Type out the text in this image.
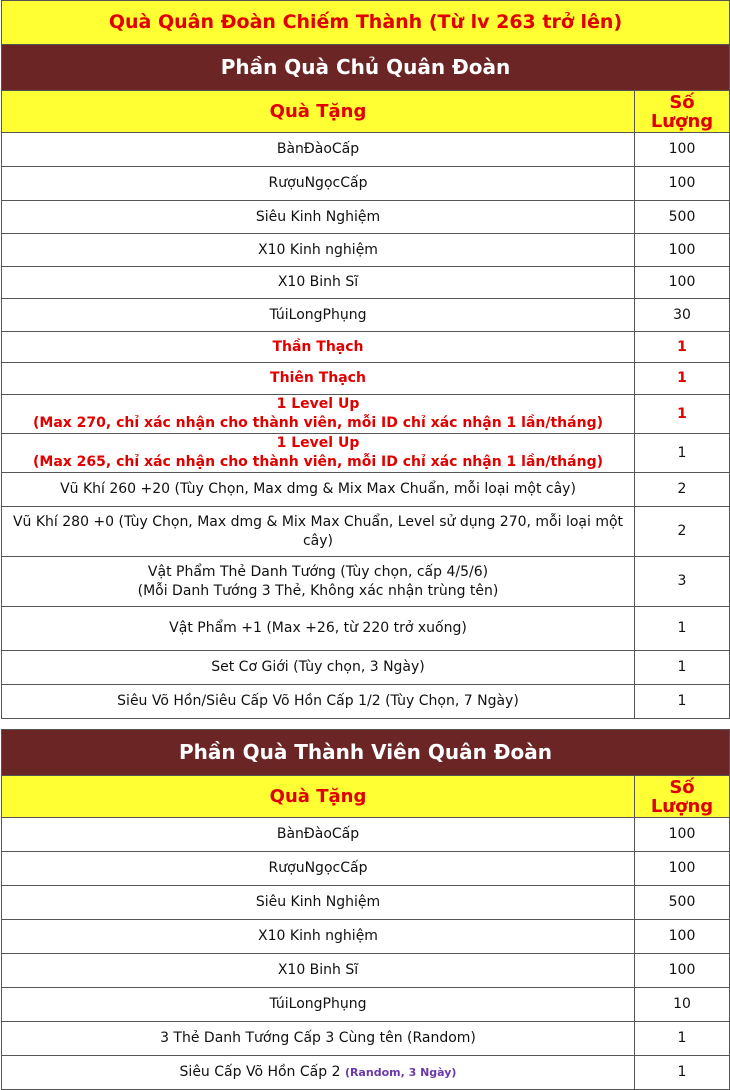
Quà Quân Đoàn Chiếm Thành (Từ lv 263 trở lên)	
Phần Quà Chủ Quân Đoàn	
Quà Tặng	Số Lượng
BànĐàoCấp	100
RượuNgọcCấp	100
Siêu Kinh Nghiệm	500
X10 Kinh nghiệm	100
X10 Binh Sĩ	100
TúiLongPhụng	30
Thần Thạch	1
Thiên Thạch	1

1 Level Up
(Max 270, chỉ xác nhận cho thành viên, mỗi ID chỉ xác nhận 1 lần/tháng)	1

1 Level Up
(Max 265, chỉ xác nhận cho thành viên, mỗi ID chỉ xác nhận 1 lần/tháng)	1
Vũ Khí 260 +20 (Tùy Chọn, Max dmg & Mix Max Chuẩn, mỗi loại một cây)	2
Vũ Khí 280 +0 (Tùy Chọn, Max dmg & Mix Max Chuẩn, Level sử dụng 270, mỗi loại một cây)	2

Vật Phẩm Thẻ Danh Tướng (Tùy chọn, cấp 4/5/6)
(Mỗi Danh Tướng 3 Thẻ, Không xác nhận trùng tên)	3
Vật Phẩm +1 (Max +26, từ 220 trở xuống)	1
Set Cơ Giới (Tùy chọn, 3 Ngày)	1
Siêu Võ Hồn/Siêu Cấp Võ Hồn Cấp 1/2 (Tùy Chọn, 7 Ngày)	1
Phần Quà Thành Viên Quân Đoàn	
Quà Tặng	Số Lượng
BànĐàoCấp	100
RượuNgọcCấp	100
Siêu Kinh Nghiệm	500
X10 Kinh nghiệm	100
X10 Binh Sĩ	100
TúiLongPhụng	10
3 Thẻ Danh Tướng Cấp 3 Cùng tên (Random)	1
Siêu Cấp Võ Hồn Cấp 2 (Random, 3 Ngày)	1
